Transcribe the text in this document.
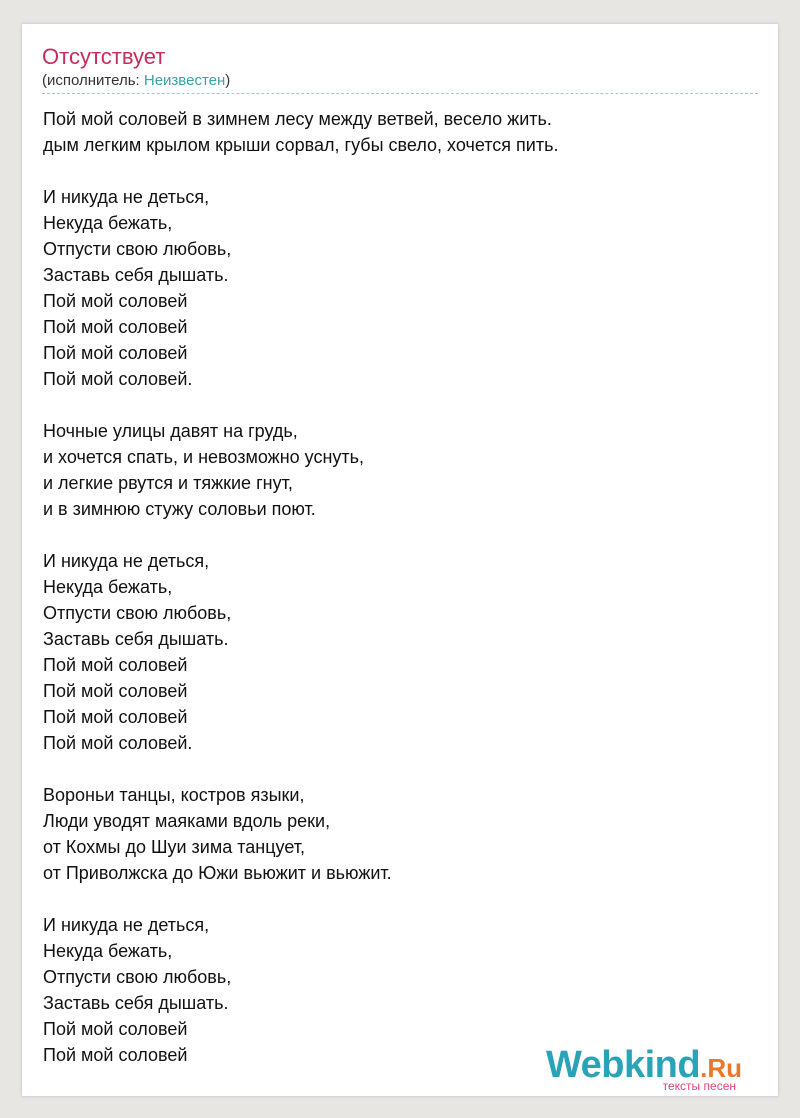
Отсутствует
(исполнитель: Неизвестен)
Пой мой соловей в зимнем лесу между ветвей, весело жить.
дым легким крылом крыши сорвал, губы свело, хочется пить.
И никуда не деться,
Некуда бежать,
Отпусти свою любовь,
Заставь себя дышать.
Пой мой соловей
Пой мой соловей
Пой мой соловей
Пой мой соловей.
Ночные улицы давят на грудь,
и хочется спать, и невозможно уснуть,
и легкие рвутся и тяжкие гнут,
и в зимнюю стужу соловьи поют.
И никуда не деться,
Некуда бежать,
Отпусти свою любовь,
Заставь себя дышать.
Пой мой соловей
Пой мой соловей
Пой мой соловей
Пой мой соловей.
Вороньи танцы, костров языки,
Люди уводят маяками вдоль реки,
от Кохмы до Шуи зима танцует,
от Приволжска до Южи вьюжит и вьюжит.
И никуда не деться,
Некуда бежать,
Отпусти свою любовь,
Заставь себя дышать.
Пой мой соловей
Пой мой соловей	Webkind.Ru
тексты песен
